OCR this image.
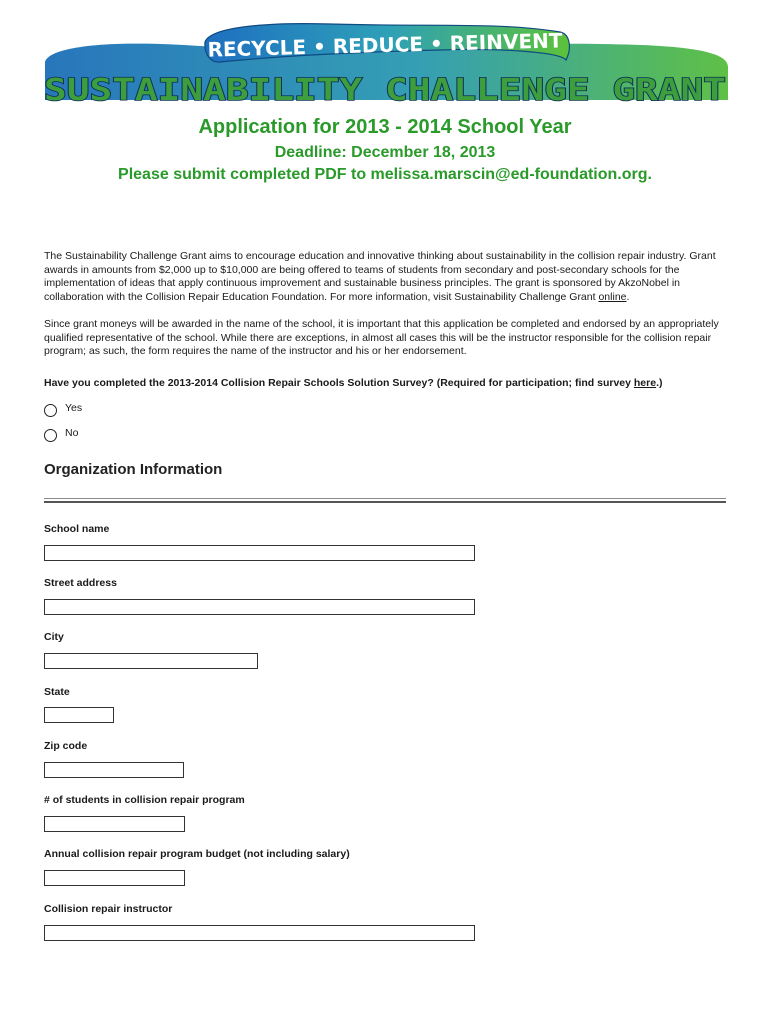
RECYCLE • REDUCE • REINVENT
SUSTAINABILITY CHALLENGE GRANT
Application for 2013 - 2014 School Year

Deadline: December 18, 2013

Please submit completed PDF to melissa.marscin@ed-foundation.org.

The Sustainability Challenge Grant aims to encourage education and innovative thinking about sustainability in the collision repair industry. Grant awards in amounts from $2,000 up to $10,000 are being offered to teams of students from secondary and post-secondary schools for the implementation of ideas that apply continuous improvement and sustainable business principles. The grant is sponsored by AkzoNobel in collaboration with the Collision Repair Education Foundation. For more information, visit Sustainability Challenge Grant online.

Since grant moneys will be awarded in the name of the school, it is important that this application be completed and endorsed by an appropriately qualified representative of the school. While there are exceptions, in almost all cases this will be the instructor responsible for the collision repair program; as such, the form requires the name of the instructor and his or her endorsement.

Have you completed the 2013-2014 Collision Repair Schools Solution Survey? (Required for participation; find survey here.)

Yes
No
Organization Information

School name

Street address

City

State

Zip code

# of students in collision repair program

Annual collision repair program budget (not including salary)

Collision repair instructor
